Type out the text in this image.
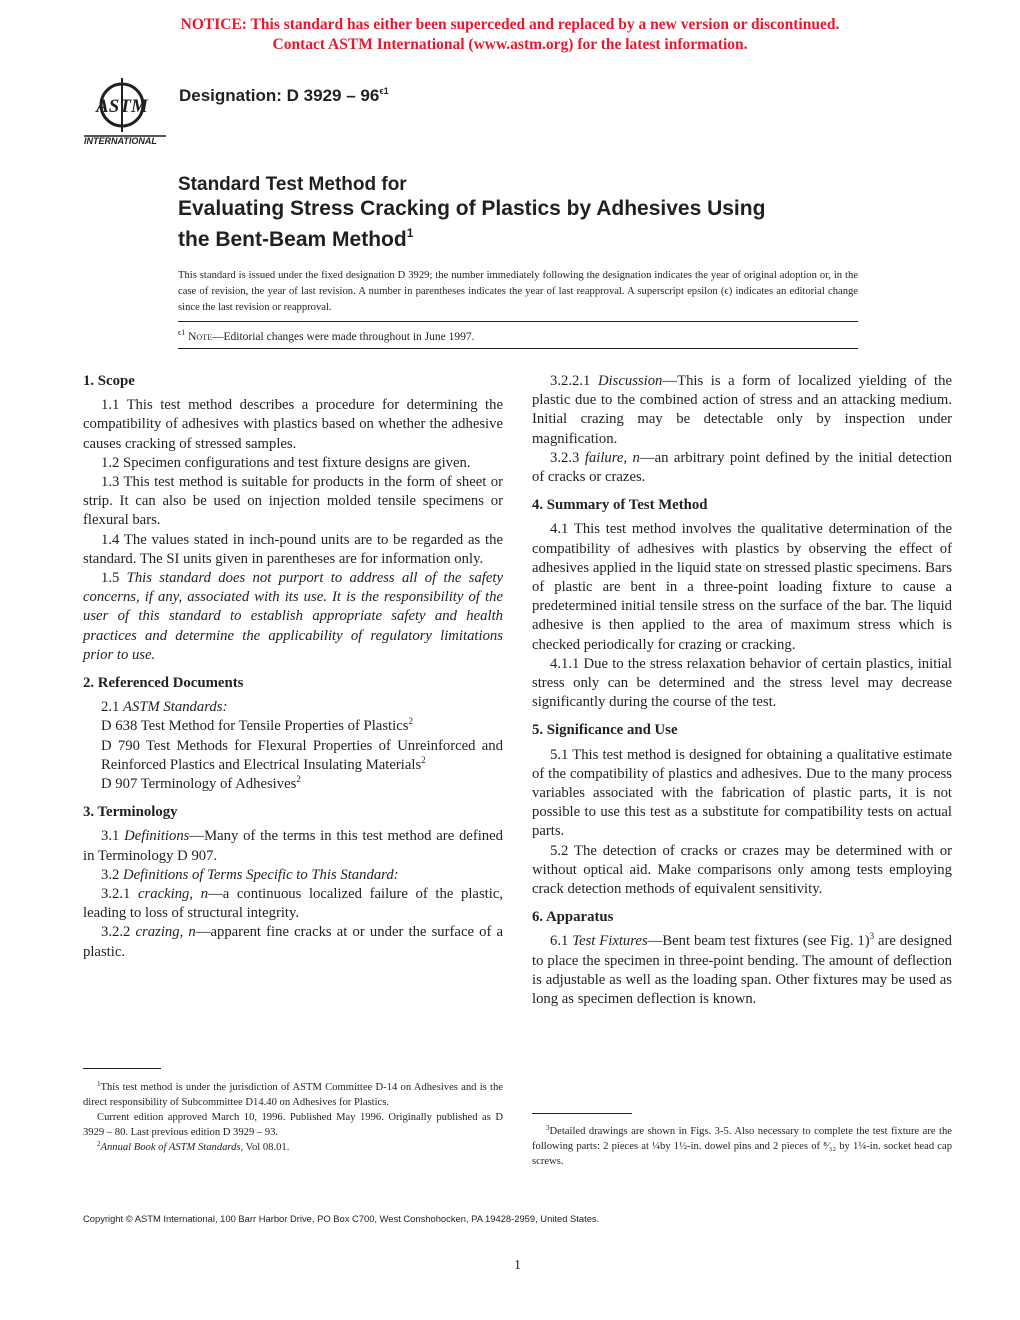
NOTICE: This standard has either been superceded and replaced by a new version or discontinued.
Contact ASTM International (www.astm.org) for the latest information.
ASTM
INTERNATIONAL
Designation: D $3929 - 96^{\epsilon 1}$
Standard Test Method for
Evaluating Stress Cracking of Plastics by Adhesives Using
the Bent-Beam Method$^1$
This standard is issued under the fixed designation D 3929; the number immediately following the designation indicates the year of original adoption or, in the case of revision, the year of last revision. A number in parentheses indicates the year of last reapproval. A superscript epsilon (ϵ) indicates an editorial change since the last revision or reapproval.
$^{\epsilon 1}$ Note—Editorial changes were made throughout in June 1997.
1. Scope

1.1 This test method describes a procedure for determining the compatibility of adhesives with plastics based on whether the adhesive causes cracking of stressed samples.

1.2 Specimen configurations and test fixture designs are given.

1.3 This test method is suitable for products in the form of sheet or strip. It can also be used on injection molded tensile specimens or flexural bars.

1.4 The values stated in inch-pound units are to be regarded as the standard. The SI units given in parentheses are for information only.

1.5 This standard does not purport to address all of the safety concerns, if any, associated with its use. It is the responsibility of the user of this standard to establish appropriate safety and health practices and determine the applicability of regulatory limitations prior to use.

2. Referenced Documents

2.1 ASTM Standards:

D 638 Test Method for Tensile Properties of Plastics$^2$

D 790 Test Methods for Flexural Properties of Unreinforced and Reinforced Plastics and Electrical Insulating Materials$^2$

D 907 Terminology of Adhesives$^2$

3. Terminology

3.1 Definitions—Many of the terms in this test method are defined in Terminology D 907.

3.2 Definitions of Terms Specific to This Standard:

3.2.1 cracking, n—a continuous localized failure of the plastic, leading to loss of structural integrity.

3.2.2 crazing, n—apparent fine cracks at or under the surface of a plastic.

$^1$This test method is under the jurisdiction of ASTM Committee D-14 on Adhesives and is the direct responsibility of Subcommittee D14.40 on Adhesives for Plastics.

Current edition approved March 10, 1996. Published May 1996. Originally published as D 3929 – 80. Last previous edition D 3929 – 93.

$^2$Annual Book of ASTM Standards, Vol 08.01.

3.2.2.1 Discussion—This is a form of localized yielding of the plastic due to the combined action of stress and an attacking medium. Initial crazing may be detectable only by inspection under magnification.

3.2.3 failure, n—an arbitrary point defined by the initial detection of cracks or crazes.

4. Summary of Test Method

4.1 This test method involves the qualitative determination of the compatibility of adhesives with plastics by observing the effect of adhesives applied in the liquid state on stressed plastic specimens. Bars of plastic are bent in a three-point loading fixture to cause a predetermined initial tensile stress on the surface of the bar. The liquid adhesive is then applied to the area of maximum stress which is checked periodically for crazing or cracking.

4.1.1 Due to the stress relaxation behavior of certain plastics, initial stress only can be determined and the stress level may decrease significantly during the course of the test.

5. Significance and Use

5.1 This test method is designed for obtaining a qualitative estimate of the compatibility of plastics and adhesives. Due to the many process variables associated with the fabrication of plastic parts, it is not possible to use this test as a substitute for compatibility tests on actual parts.

5.2 The detection of cracks or crazes may be determined with or without optical aid. Make comparisons only among tests employing crack detection methods of equivalent sensitivity.

6. Apparatus

6.1 Test Fixtures—Bent beam test fixtures (see Fig. 1)$^3$ are designed to place the specimen in three-point bending. The amount of deflection is adjustable as well as the loading span. Other fixtures may be used as long as specimen deflection is known.

$^3$Detailed drawings are shown in Figs. 3-5. Also necessary to complete the test fixture are the following parts: 2 pieces at ¼by 1½-in. dowel pins and 2 pieces of ⁸⁄₃₂ by 1¼-in. socket head cap screws.

Copyright © ASTM International, 100 Barr Harbor Drive, PO Box C700, West Conshohocken, PA 19428-2959, United States.
1
